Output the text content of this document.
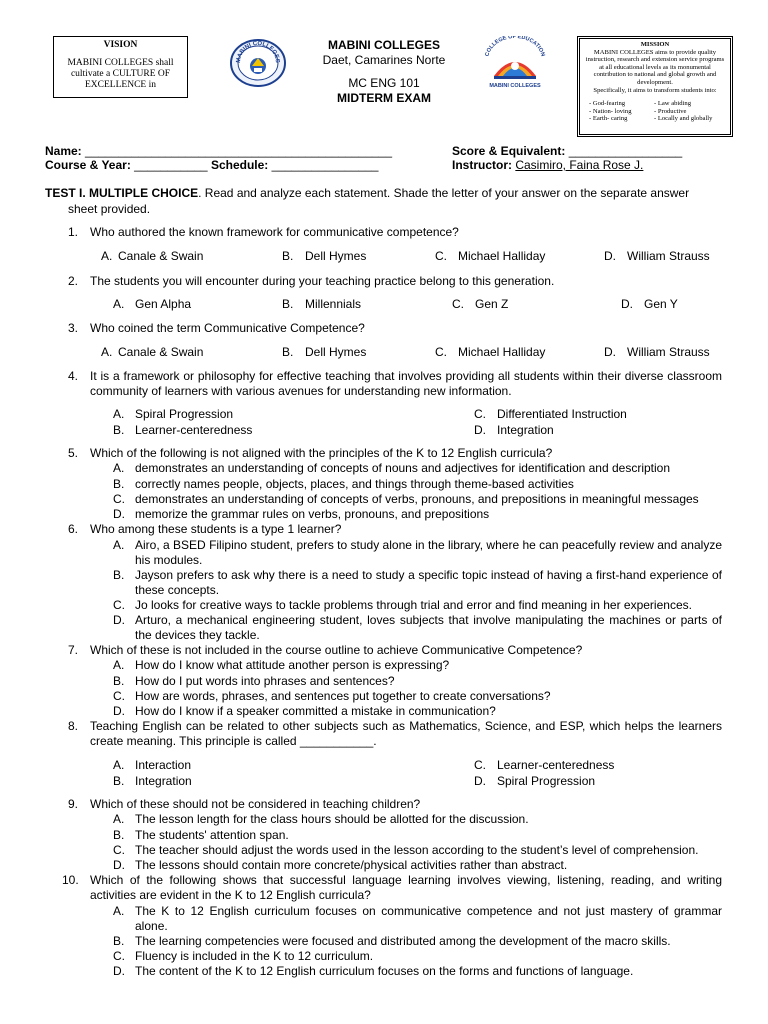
VISION
MABINI COLLEGES shall cultivate a CULTURE OF EXCELLENCE in
MABINI COLLEGES
MABINI COLLEGES
Daet, Camarines Norte
MC ENG 101
MIDTERM EXAM
COLLEGE OF EDUCATION
MABINI COLLEGES
MISSION
MABINI COLLEGES aims to provide quality instruction, research and extension service programs at all educational levels as its monumental contribution to national and global growth and development.
Specifically, it aims to transform students into:
- God-fearing
- Nation- loving
- Earth- caring
- Law abiding
- Productive
- Locally and globally
Name: ______________________________________________
Course & Year: ___________ Schedule: ________________
Score & Equivalent: _________________
Instructor: Casimiro, Faina Rose J.
TEST I. MULTIPLE CHOICE. Read and analyze each statement. Shade the letter of your answer on the separate answer
sheet provided.
1. Who authored the known framework for communicative competence?
A. Canale & Swain	B. Dell Hymes	C. Michael Halliday	D. William Strauss
2. The students you will encounter during your teaching practice belong to this generation.
A. Gen Alpha	B. Millennials	C. Gen Z	D. Gen Y
3. Who coined the term Communicative Competence?
A. Canale & Swain	B. Dell Hymes	C. Michael Halliday	D. William Strauss
4. It is a framework or philosophy for effective teaching that involves providing all students within their diverse classroom community of learners with various avenues for understanding new information.
A. Spiral Progression	C. Differentiated Instruction
B. Learner-centeredness	D. Integration
5. Which of the following is not aligned with the principles of the K to 12 English curricula?
A. demonstrates an understanding of concepts of nouns and adjectives for identification and description
B. correctly names people, objects, places, and things through theme-based activities
C. demonstrates an understanding of concepts of verbs, pronouns, and prepositions in meaningful messages
D. memorize the grammar rules on verbs, pronouns, and prepositions
6. Who among these students is a type 1 learner?
A. Airo, a BSED Filipino student, prefers to study alone in the library, where he can peacefully review and analyze his modules.
B. Jayson prefers to ask why there is a need to study a specific topic instead of having a first-hand experience of these concepts.
C. Jo looks for creative ways to tackle problems through trial and error and find meaning in her experiences.
D. Arturo, a mechanical engineering student, loves subjects that involve manipulating the machines or parts of the devices they tackle.
7. Which of these is not included in the course outline to achieve Communicative Competence?
A. How do I know what attitude another person is expressing?
B. How do I put words into phrases and sentences?
C. How are words, phrases, and sentences put together to create conversations?
D. How do I know if a speaker committed a mistake in communication?
8. Teaching English can be related to other subjects such as Mathematics, Science, and ESP, which helps the learners create meaning. This principle is called ___________.
A. Interaction	C. Learner-centeredness
B. Integration	D. Spiral Progression
9. Which of these should not be considered in teaching children?
A. The lesson length for the class hours should be allotted for the discussion.
B. The students' attention span.
C. The teacher should adjust the words used in the lesson according to the student’s level of comprehension.
D. The lessons should contain more concrete/physical activities rather than abstract.
10. Which of the following shows that successful language learning involves viewing, listening, reading, and writing activities are evident in the K to 12 English curricula?
A. The K to 12 English curriculum focuses on communicative competence and not just mastery of grammar alone.
B. The learning competencies were focused and distributed among the development of the macro skills.
C. Fluency is included in the K to 12 curriculum.
D. The content of the K to 12 English curriculum focuses on the forms and functions of language.
